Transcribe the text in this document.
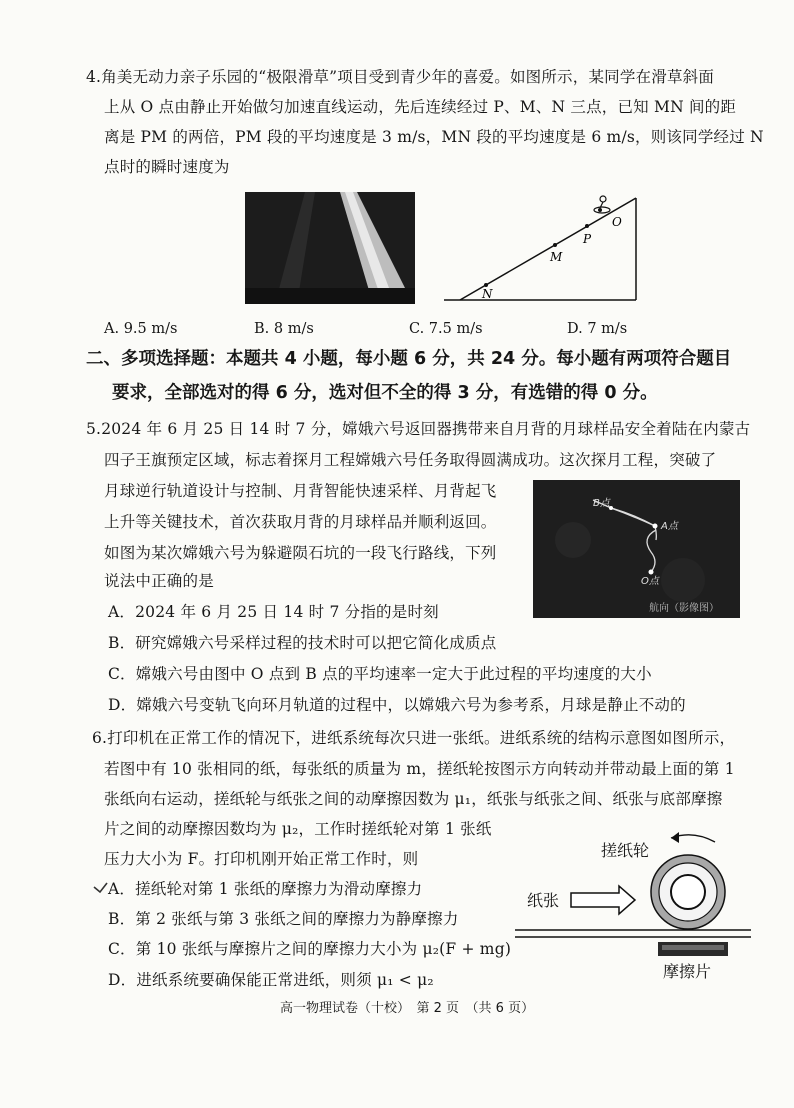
4.角美无动力亲子乐园的“极限滑草”项目受到青少年的喜爱。如图所示，某同学在滑草斜面
上从 O 点由静止开始做匀加速直线运动，先后连续经过 P、M、N 三点，已知 MN 间的距
离是 PM 的两倍，PM 段的平均速度是 3 m/s，MN 段的平均速度是 6 m/s，则该同学经过 N
点时的瞬时速度为
O
P
M
N
A. 9.5 m/s	B. 8 m/s	C. 7.5 m/s	D. 7 m/s
二、多项选择题：本题共 4 小题，每小题 6 分，共 24 分。每小题有两项符合题目
要求，全部选对的得 6 分，选对但不全的得 3 分，有选错的得 0 分。
5.2024 年 6 月 25 日 14 时 7 分，嫦娥六号返回器携带来自月背的月球样品安全着陆在内蒙古
四子王旗预定区域，标志着探月工程嫦娥六号任务取得圆满成功。这次探月工程，突破了
月球逆行轨道设计与控制、月背智能快速采样、月背起飞
上升等关键技术，首次获取月背的月球样品并顺利返回。
如图为某次嫦娥六号为躲避陨石坑的一段飞行路线，下列
说法中正确的是
B点
A点
O点
航向（影像图）
A．2024 年 6 月 25 日 14 时 7 分指的是时刻
B．研究嫦娥六号采样过程的技术时可以把它简化成质点
C．嫦娥六号由图中 O 点到 B 点的平均速率一定大于此过程的平均速度的大小
D．嫦娥六号变轨飞向环月轨道的过程中，以嫦娥六号为参考系，月球是静止不动的
6.打印机在正常工作的情况下，进纸系统每次只进一张纸。进纸系统的结构示意图如图所示，
若图中有 10 张相同的纸，每张纸的质量为 m，搓纸轮按图示方向转动并带动最上面的第 1
张纸向右运动，搓纸轮与纸张之间的动摩擦因数为 μ₁，纸张与纸张之间、纸张与底部摩擦
片之间的动摩擦因数均为 μ₂，工作时搓纸轮对第 1 张纸
压力大小为 F。打印机刚开始正常工作时，则	搓纸轮
纸张
摩擦片
A．搓纸轮对第 1 张纸的摩擦力为滑动摩擦力
B．第 2 张纸与第 3 张纸之间的摩擦力为静摩擦力
C．第 10 张纸与摩擦片之间的摩擦力大小为 μ₂(F + mg)
D．进纸系统要确保能正常进纸，则须 μ₁ < μ₂
高一物理试卷（十校）　第 2 页　（共 6 页）
